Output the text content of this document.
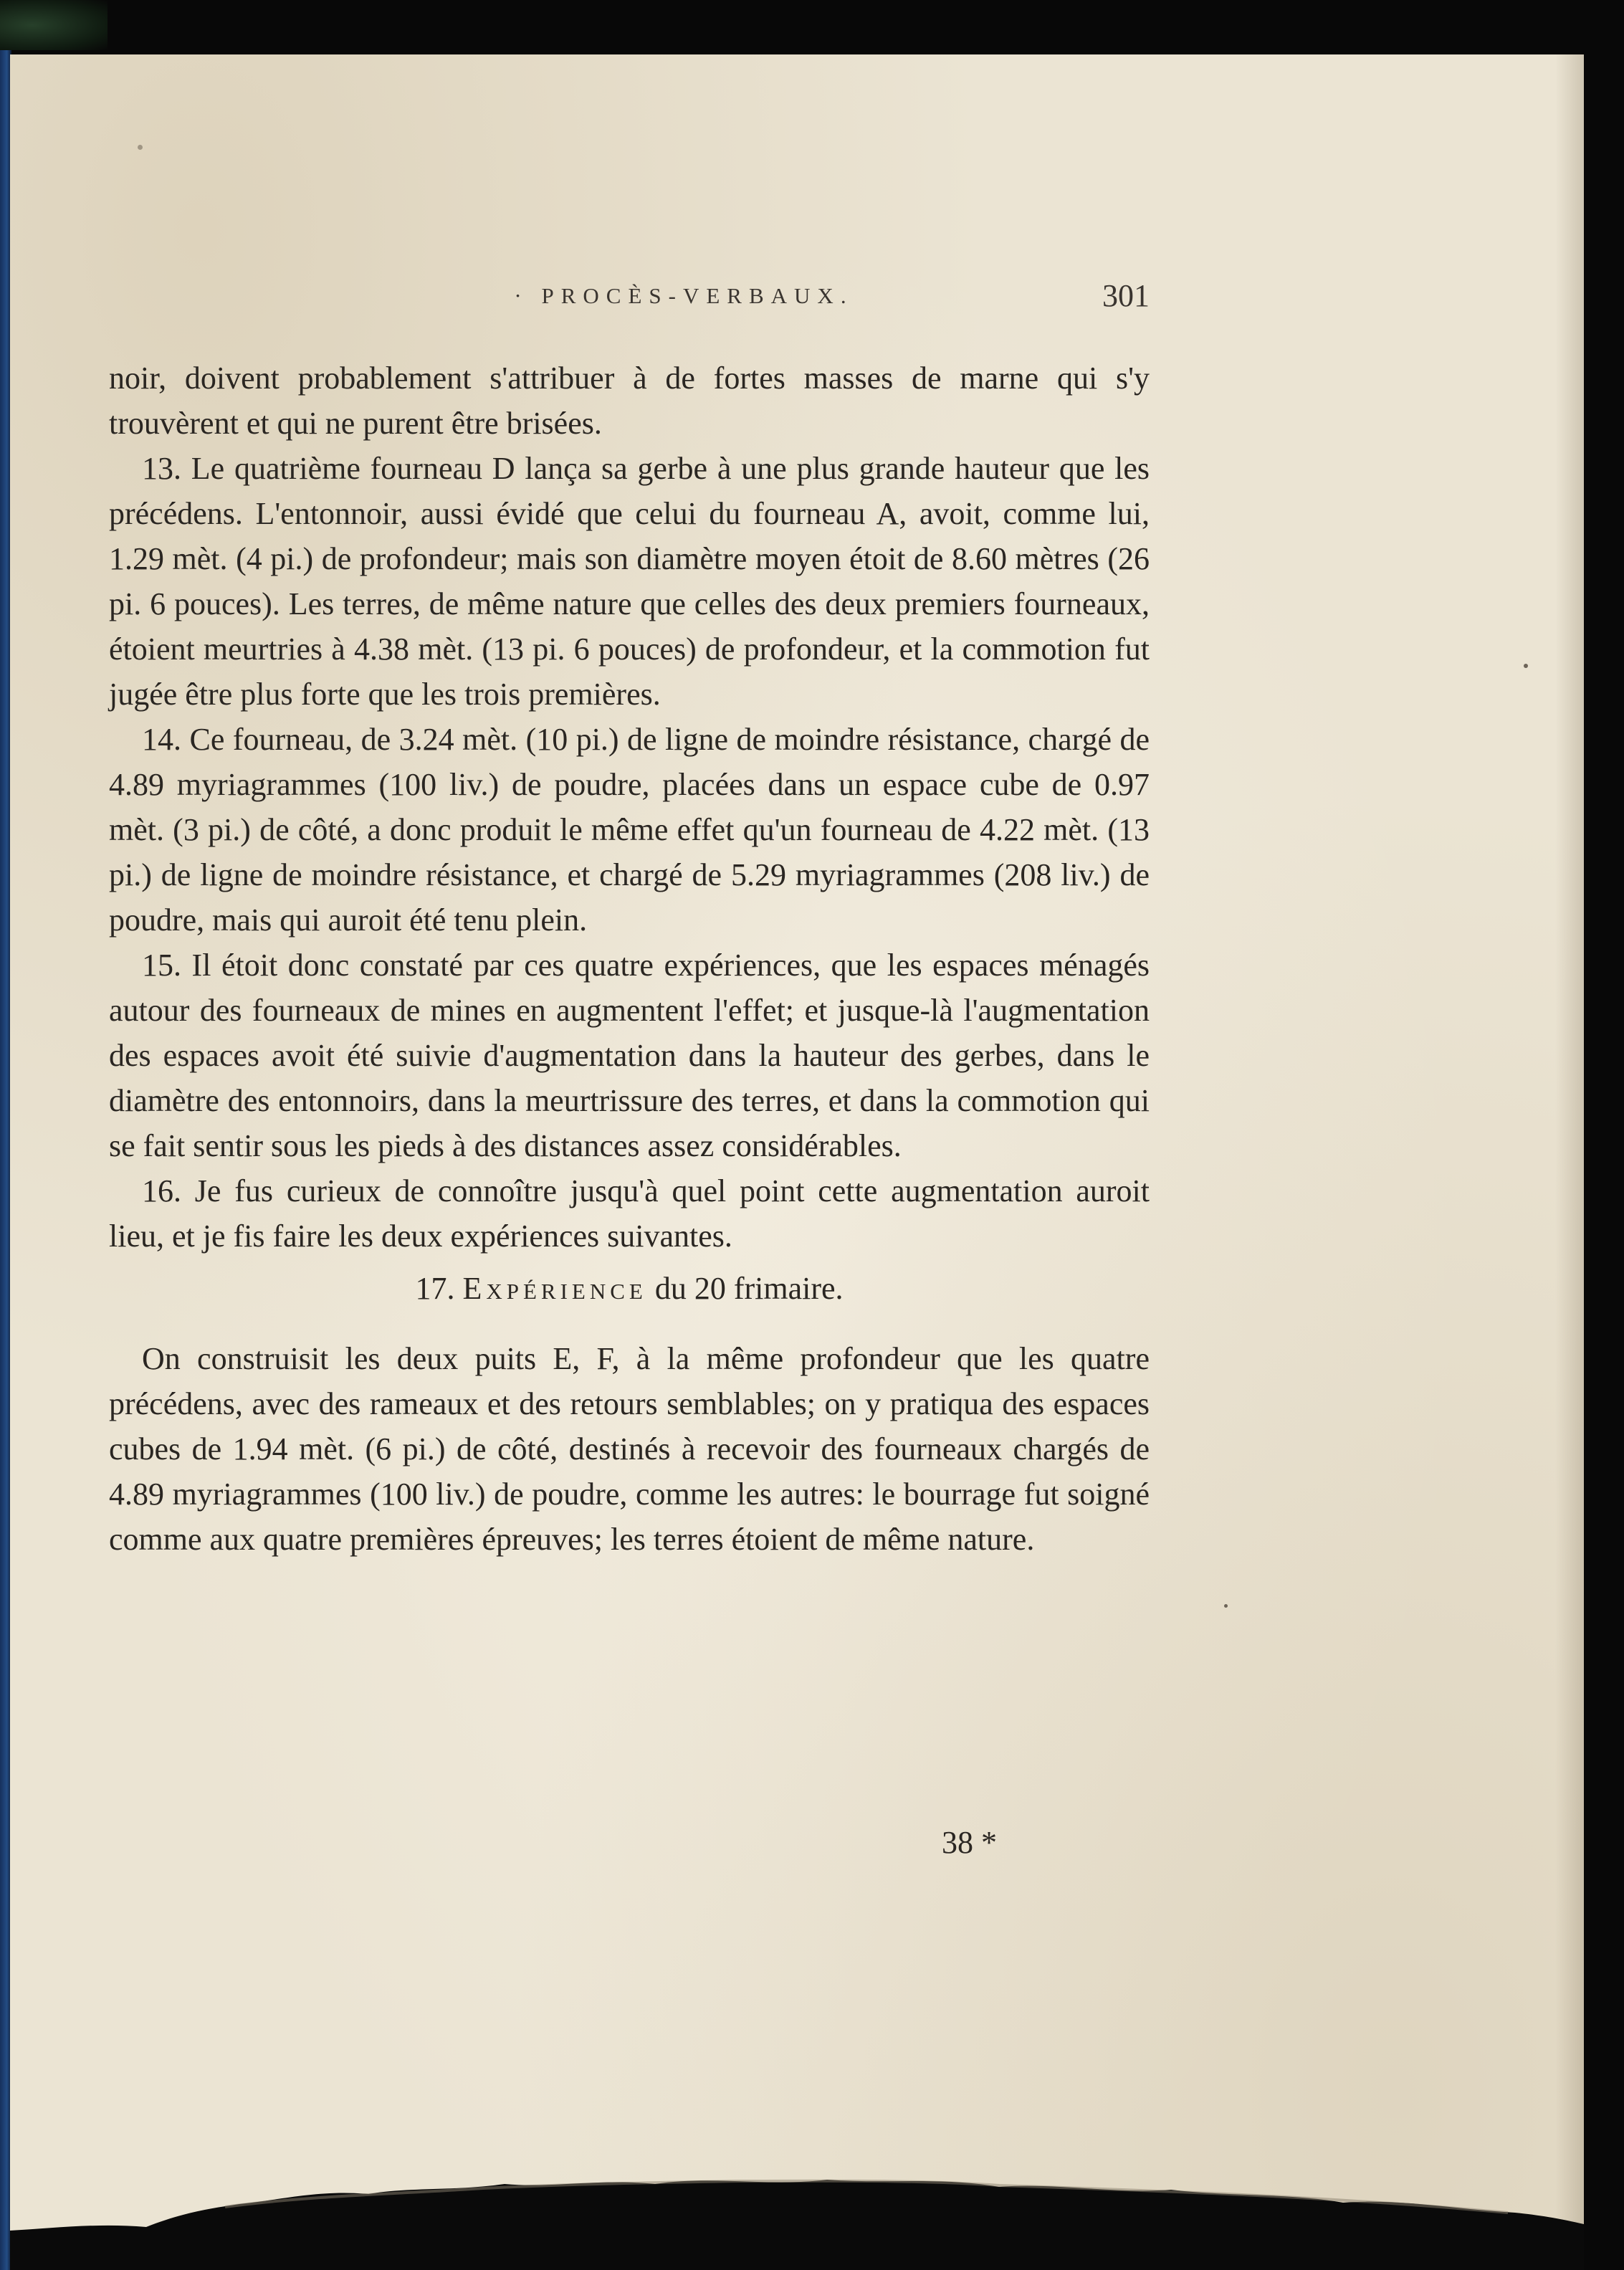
· PROCÈS-VERBAUX.	301

noir, doivent probablement s'attribuer à de fortes masses de marne qui s'y trouvèrent et qui ne purent être brisées.

13. Le quatrième fourneau D lança sa gerbe à une plus grande hauteur que les précédens. L'entonnoir, aussi évidé que celui du fourneau A, avoit, comme lui, 1.29 mèt. (4 pi.) de profondeur; mais son diamètre moyen étoit de 8.60 mètres (26 pi. 6 pouces). Les terres, de même nature que celles des deux premiers fourneaux, étoient meurtries à 4.38 mèt. (13 pi. 6 pouces) de profondeur, et la commotion fut jugée être plus forte que les trois premières.

14. Ce fourneau, de 3.24 mèt. (10 pi.) de ligne de moindre résistance, chargé de 4.89 myriagrammes (100 liv.) de poudre, placées dans un espace cube de 0.97 mèt. (3 pi.) de côté, a donc produit le même effet qu'un fourneau de 4.22 mèt. (13 pi.) de ligne de moindre résistance, et chargé de 5.29 myriagrammes (208 liv.) de poudre, mais qui auroit été tenu plein.

15. Il étoit donc constaté par ces quatre expériences, que les espaces ménagés autour des fourneaux de mines en augmentent l'effet; et jusque-là l'augmentation des espaces avoit été suivie d'augmentation dans la hauteur des gerbes, dans le diamètre des entonnoirs, dans la meurtrissure des terres, et dans la commotion qui se fait sentir sous les pieds à des distances assez considérables.

16. Je fus curieux de connoître jusqu'à quel point cette augmentation auroit lieu, et je fis faire les deux expériences suivantes.

17. Expérience du 20 frimaire.

On construisit les deux puits E, F, à la même profondeur que les quatre précédens, avec des rameaux et des retours semblables; on y pratiqua des espaces cubes de 1.94 mèt. (6 pi.) de côté, destinés à recevoir des fourneaux chargés de 4.89 myriagrammes (100 liv.) de poudre, comme les autres: le bourrage fut soigné comme aux quatre premières épreuves; les terres étoient de même nature.

38 *
